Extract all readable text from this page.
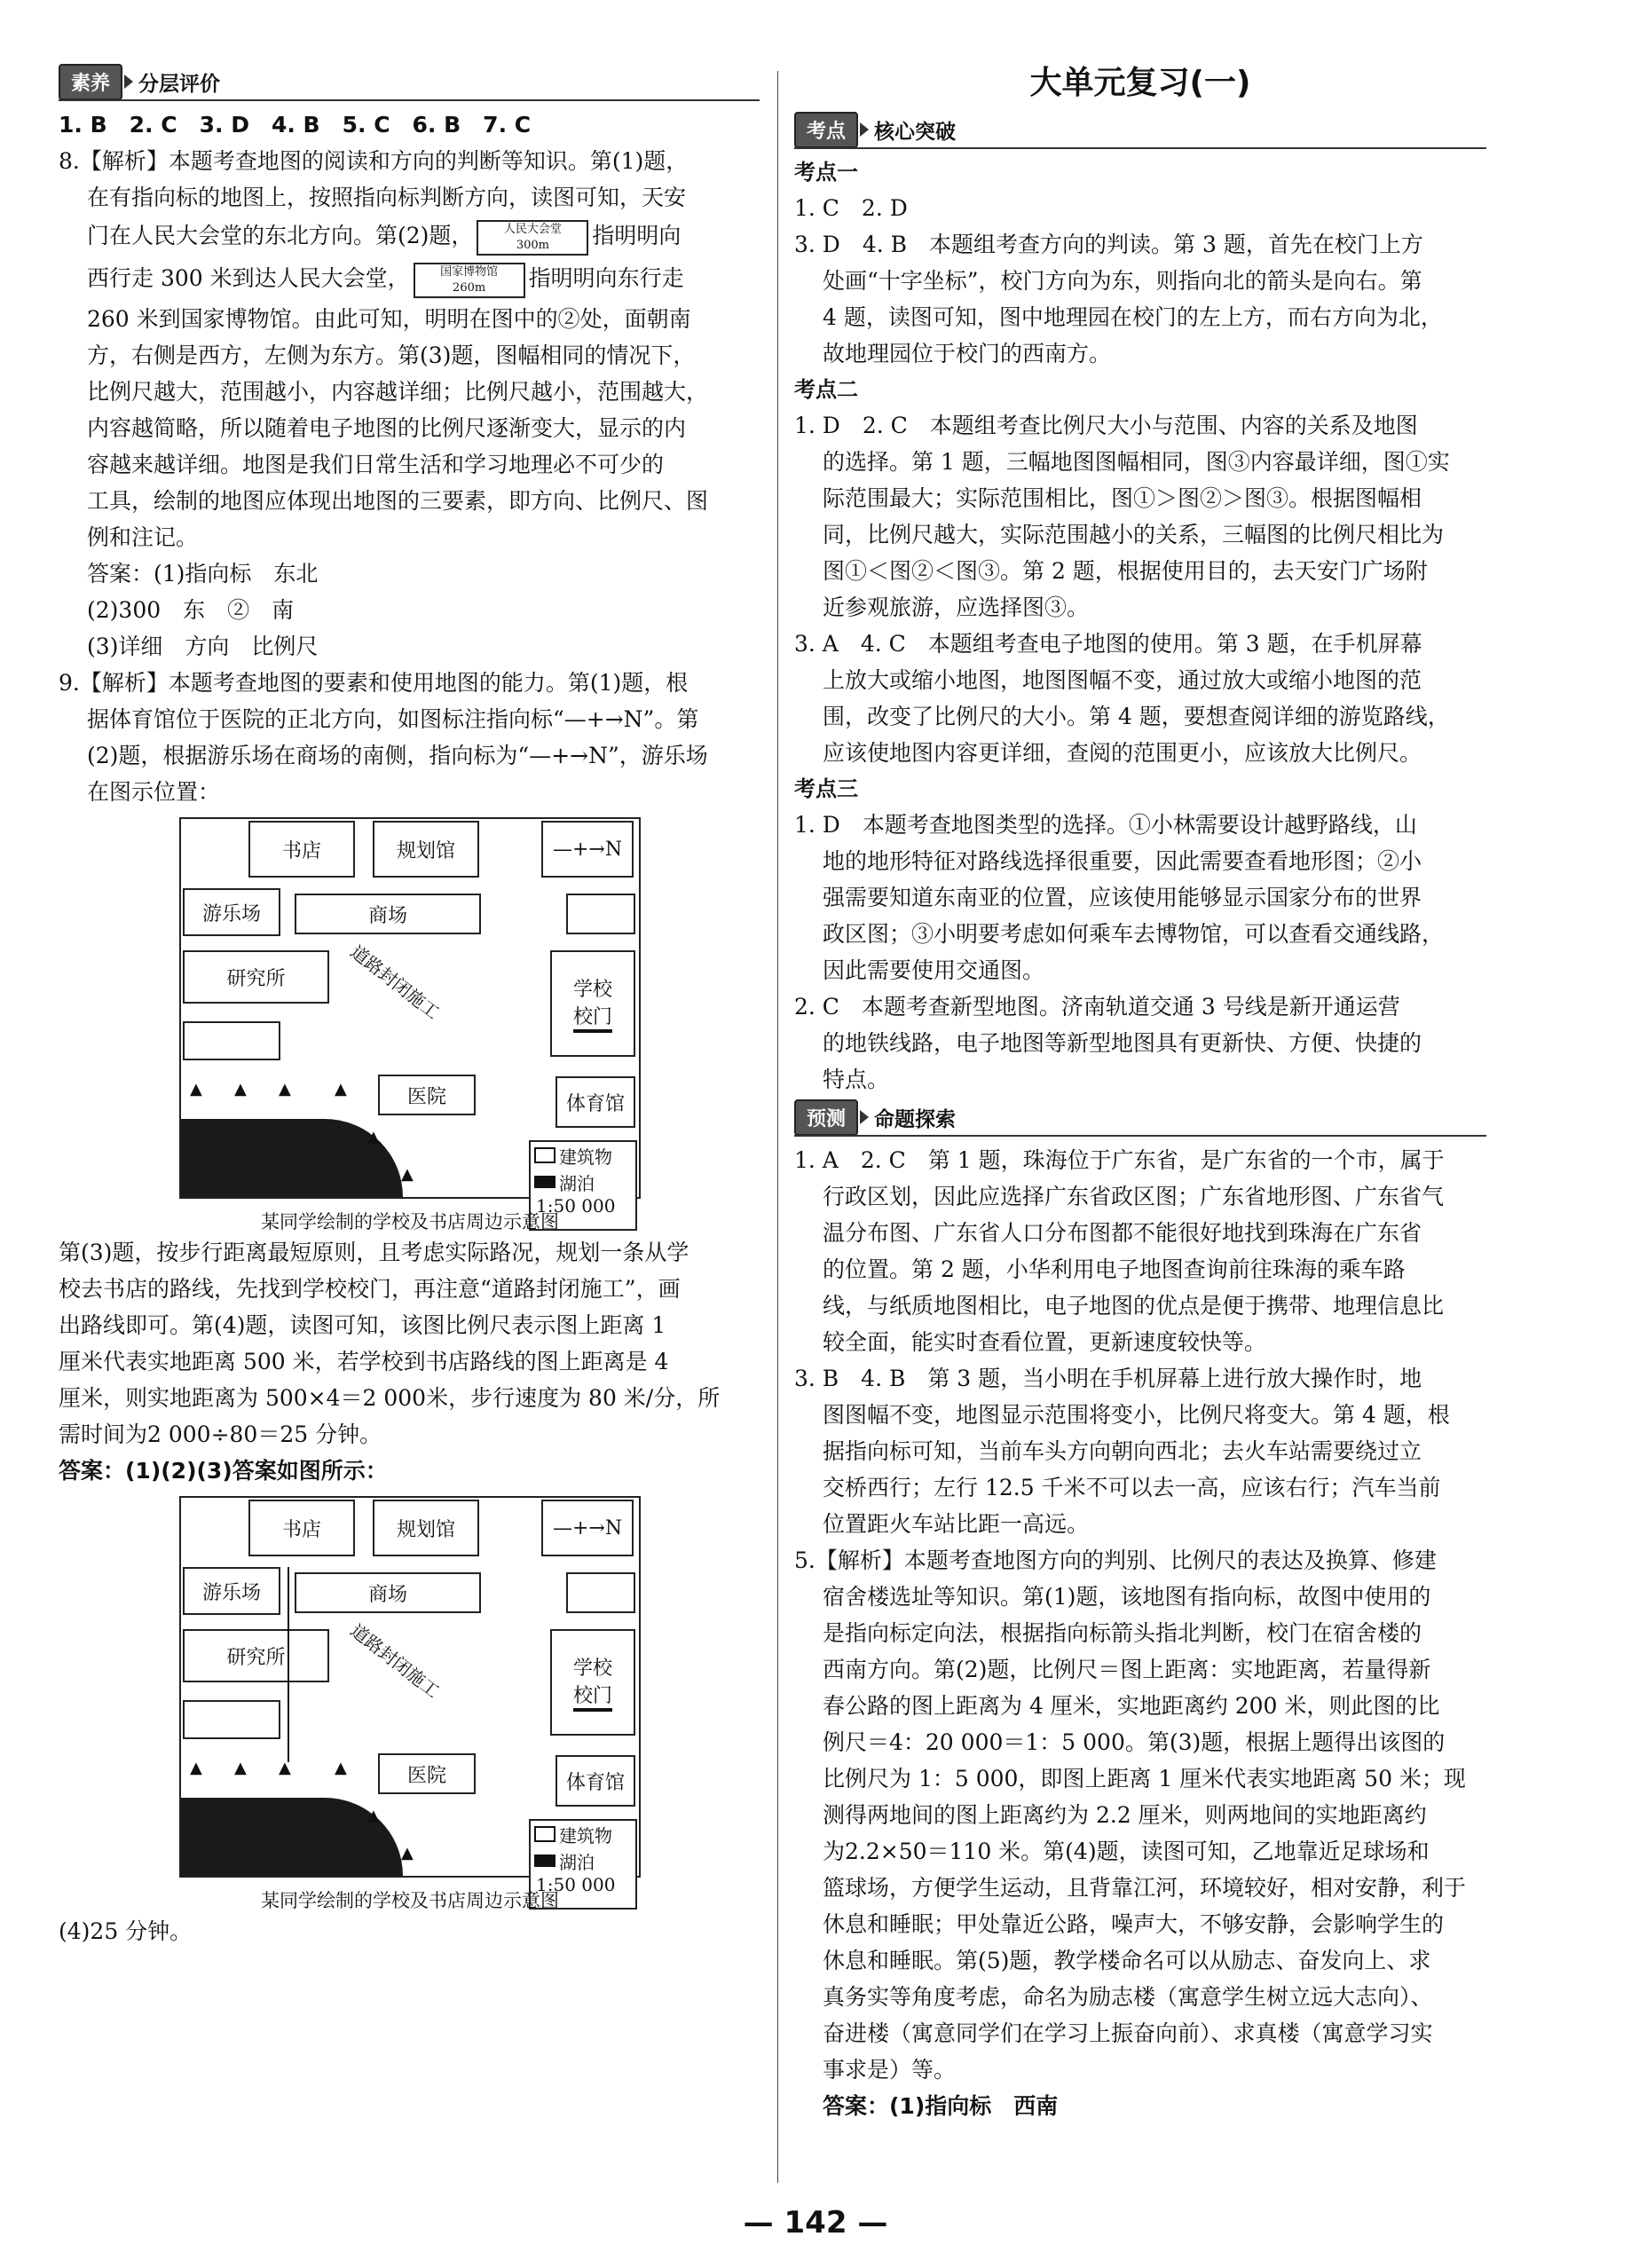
素养	分层评价

1. B　2. C　3. D　4. B　5. C　6. B　7. C

8.【解析】本题考查地图的阅读和方向的判断等知识。第(1)题，

在有指向标的地图上，按照指向标判断方向，读图可知，天安

门在人民大会堂的东北方向。第(2)题，	人民大会堂
300m 指明明向

西行走 300 米到达人民大会堂，	国家博物馆
260m 指明明向东行走

260 米到国家博物馆。由此可知，明明在图中的②处，面朝南

方，右侧是西方，左侧为东方。第(3)题，图幅相同的情况下，

比例尺越大，范围越小，内容越详细；比例尺越小，范围越大，

内容越简略，所以随着电子地图的比例尺逐渐变大，显示的内

容越来越详细。地图是我们日常生活和学习地理必不可少的

工具，绘制的地图应体现出地图的三要素，即方向、比例尺、图

例和注记。

答案：(1)指向标　东北

(2)300　东　②　南

(3)详细　方向　比例尺

9.【解析】本题考查地图的要素和使用地图的能力。第(1)题，根

据体育馆位于医院的正北方向，如图标注指向标“—+→N”。第

(2)题，根据游乐场在商场的南侧，指向标为“—+→N”，游乐场

在图示位置：

书店	规划馆	—+→ N
游乐场	商场
研究所	道路封闭施工	学校
校门
医院	体育馆
▲ ▲ ▲	▲
▲
▲
建筑物
湖泊
1:50 000
某同学绘制的学校及书店周边示意图

第(3)题，按步行距离最短原则，且考虑实际路况，规划一条从学

校去书店的路线，先找到学校校门，再注意“道路封闭施工”，画

出路线即可。第(4)题，读图可知，该图比例尺表示图上距离 1

厘米代表实地距离 500 米，若学校到书店路线的图上距离是 4

厘米，则实地距离为 500×4＝2 000米，步行速度为 80 米/分，所

需时间为2 000÷80＝25 分钟。

答案：(1)(2)(3)答案如图所示：

书店	规划馆	—+→ N
游乐场	商场
研究所	道路封闭施工	学校
校门
医院	体育馆
▲ ▲ ▲	▲
▲
▲
建筑物
湖泊
1:50 000
某同学绘制的学校及书店周边示意图

(4)25 分钟。

大单元复习(一)
考点	核心突破
考点一

1. C　2. D

3. D　4. B　本题组考查方向的判读。第 3 题，首先在校门上方

处画“十字坐标”，校门方向为东，则指向北的箭头是向右。第

4 题，读图可知，图中地理园在校门的左上方，而右方向为北，

故地理园位于校门的西南方。

考点二

1. D　2. C　本题组考查比例尺大小与范围、内容的关系及地图

的选择。第 1 题，三幅地图图幅相同，图③内容最详细，图①实

际范围最大；实际范围相比，图①＞图②＞图③。根据图幅相

同，比例尺越大，实际范围越小的关系，三幅图的比例尺相比为

图①＜图②＜图③。第 2 题，根据使用目的，去天安门广场附

近参观旅游，应选择图③。

3. A　4. C　本题组考查电子地图的使用。第 3 题，在手机屏幕

上放大或缩小地图，地图图幅不变，通过放大或缩小地图的范

围，改变了比例尺的大小。第 4 题，要想查阅详细的游览路线，

应该使地图内容更详细，查阅的范围更小，应该放大比例尺。

考点三

1. D　本题考查地图类型的选择。①小林需要设计越野路线，山

地的地形特征对路线选择很重要，因此需要查看地形图；②小

强需要知道东南亚的位置，应该使用能够显示国家分布的世界

政区图；③小明要考虑如何乘车去博物馆，可以查看交通线路，

因此需要使用交通图。

2. C　本题考查新型地图。济南轨道交通 3 号线是新开通运营

的地铁线路，电子地图等新型地图具有更新快、方便、快捷的

特点。

预测	命题探索

1. A　2. C　第 1 题，珠海位于广东省，是广东省的一个市，属于

行政区划，因此应选择广东省政区图；广东省地形图、广东省气

温分布图、广东省人口分布图都不能很好地找到珠海在广东省

的位置。第 2 题，小华利用电子地图查询前往珠海的乘车路

线，与纸质地图相比，电子地图的优点是便于携带、地理信息比

较全面，能实时查看位置，更新速度较快等。

3. B　4. B　第 3 题，当小明在手机屏幕上进行放大操作时，地

图图幅不变，地图显示范围将变小，比例尺将变大。第 4 题，根

据指向标可知，当前车头方向朝向西北；去火车站需要绕过立

交桥西行；左行 12.5 千米不可以去一高，应该右行；汽车当前

位置距火车站比距一高远。

5.【解析】本题考查地图方向的判别、比例尺的表达及换算、修建

宿舍楼选址等知识。第(1)题，该地图有指向标，故图中使用的

是指向标定向法，根据指向标箭头指北判断，校门在宿舍楼的

西南方向。第(2)题，比例尺＝图上距离：实地距离，若量得新

春公路的图上距离为 4 厘米，实地距离约 200 米，则此图的比

例尺＝4：20 000＝1：5 000。第(3)题，根据上题得出该图的

比例尺为 1：5 000，即图上距离 1 厘米代表实地距离 50 米；现

测得两地间的图上距离约为 2.2 厘米，则两地间的实地距离约

为2.2×50＝110 米。第(4)题，读图可知，乙地靠近足球场和

篮球场，方便学生运动，且背靠江河，环境较好，相对安静，利于

休息和睡眠；甲处靠近公路，噪声大，不够安静，会影响学生的

休息和睡眠。第(5)题，教学楼命名可以从励志、奋发向上、求

真务实等角度考虑，命名为励志楼（寓意学生树立远大志向）、

奋进楼（寓意同学们在学习上振奋向前）、求真楼（寓意学习实

事求是）等。

答案：(1)指向标　西南

— 142 —
